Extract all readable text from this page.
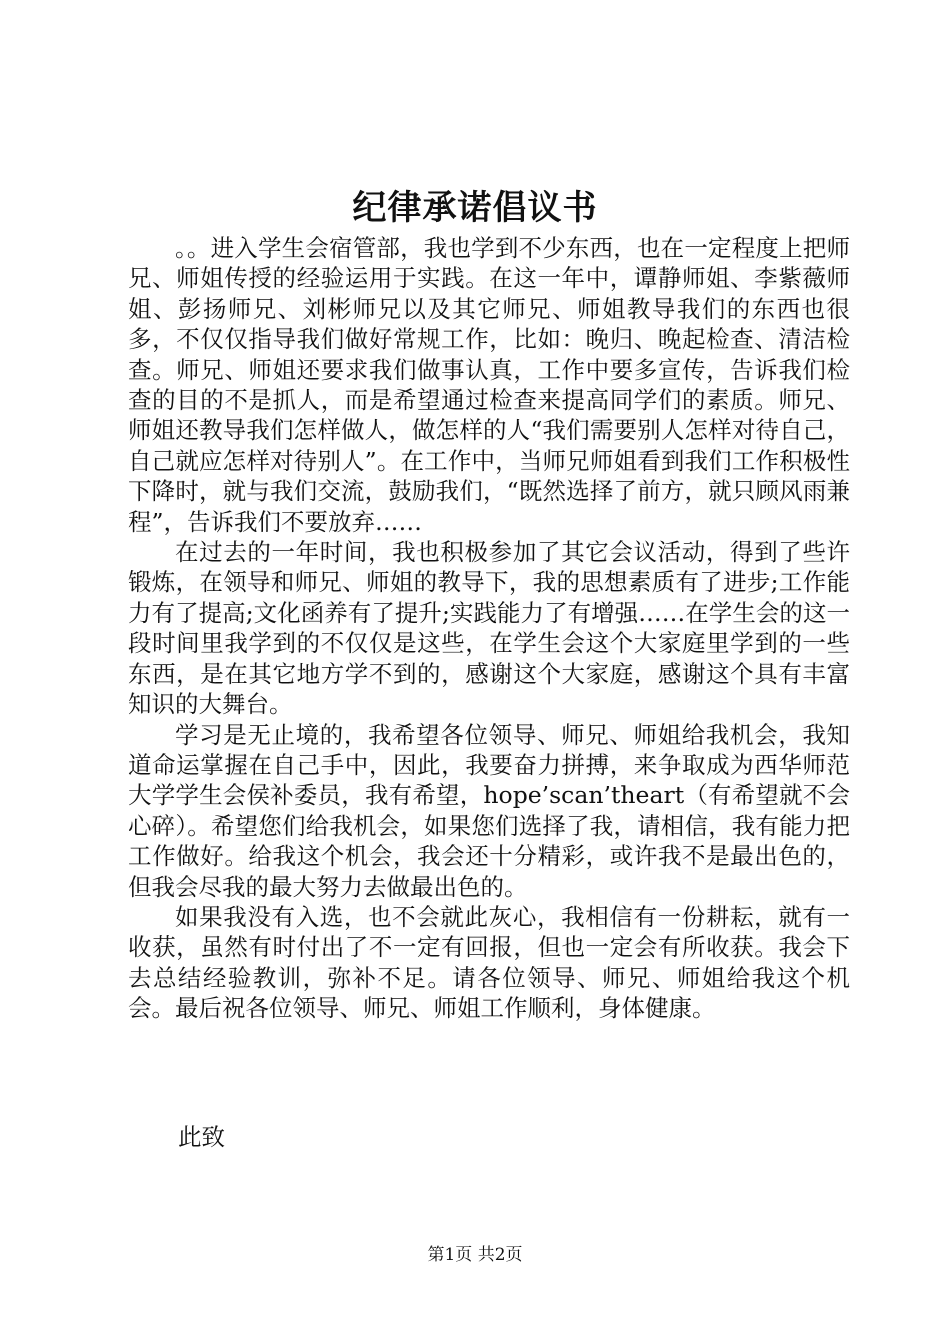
纪律承诺倡议书

。。进入学生会宿管部，我也学到不少东西，也在一定程度上把师兄、师姐传授的经验运用于实践。在这一年中，谭静师姐、李紫薇师姐、彭扬师兄、刘彬师兄以及其它师兄、师姐教导我们的东西也很多，不仅仅指导我们做好常规工作，比如：晚归、晚起检查、清洁检查。师兄、师姐还要求我们做事认真，工作中要多宣传，告诉我们检查的目的不是抓人，而是希望通过检查来提高同学们的素质。师兄、师姐还教导我们怎样做人，做怎样的人“我们需要别人怎样对待自己，自己就应怎样对待别人”。在工作中，当师兄师姐看到我们工作积极性下降时，就与我们交流，鼓励我们，“既然选择了前方，就只顾风雨兼程”，告诉我们不要放弃……

在过去的一年时间，我也积极参加了其它会议活动，得到了些许锻炼，在领导和师兄、师姐的教导下，我的思想素质有了进步;工作能力有了提高;文化函养有了提升;实践能力了有增强……在学生会的这一段时间里我学到的不仅仅是这些，在学生会这个大家庭里学到的一些东西，是在其它地方学不到的，感谢这个大家庭，感谢这个具有丰富知识的大舞台。

学习是无止境的，我希望各位领导、师兄、师姐给我机会，我知道命运掌握在自己手中，因此，我要奋力拼搏，来争取成为西华师范大学学生会侯补委员，我有希望，hope’scan’theart（有希望就不会心碎）。希望您们给我机会，如果您们选择了我，请相信，我有能力把工作做好。给我这个机会，我会还十分精彩，或许我不是最出色的，但我会尽我的最大努力去做最出色的。

如果我没有入选，也不会就此灰心，我相信有一份耕耘，就有一收获，虽然有时付出了不一定有回报，但也一定会有所收获。我会下去总结经验教训，弥补不足。请各位领导、师兄、师姐给我这个机会。最后祝各位领导、师兄、师姐工作顺利，身体健康。

此致
第1页 共2页
